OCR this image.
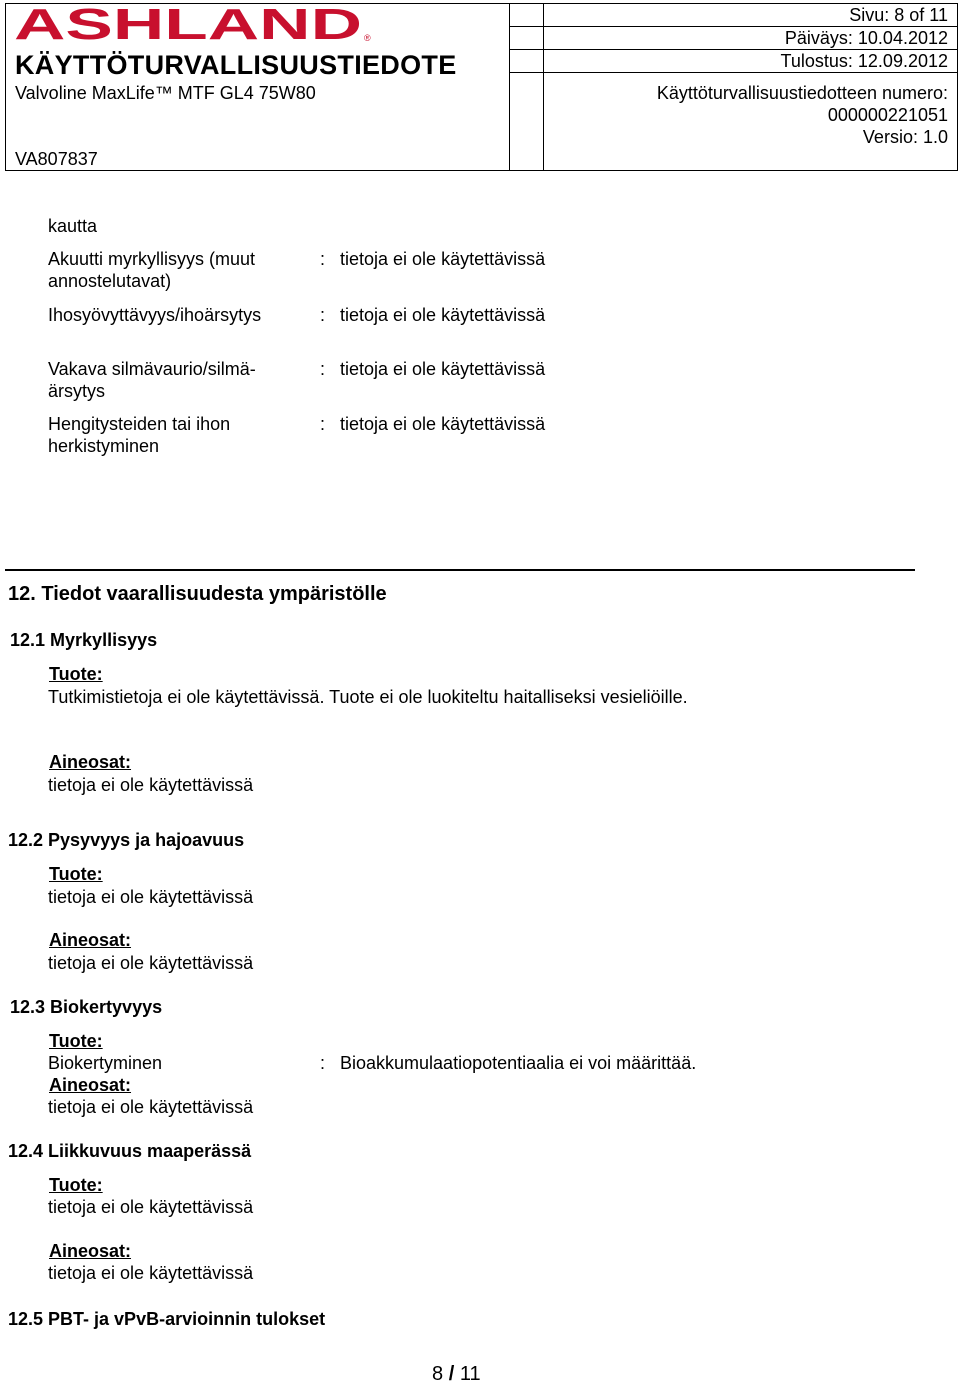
ASHLAND ®
KÄYTTÖTURVALLISUUSTIEDOTE
Valvoline MaxLife™ MTF GL4 75W80
VA807837
Sivu: 8 of 11
Päiväys: 10.04.2012
Tulostus: 12.09.2012
Käyttöturvallisuustiedotteen numero:
000000221051
Versio: 1.0
kautta
Akuutti myrkyllisyys (muut
annostelutavat)
: tietoja ei ole käytettävissä
Ihosyövyttävyys/ihoärsytys	: tietoja ei ole käytettävissä
Vakava silmävaurio/silmä-
ärsytys
: tietoja ei ole käytettävissä
Hengitysteiden tai ihon
herkistyminen
: tietoja ei ole käytettävissä
12. Tiedot vaarallisuudesta ympäristölle
12.1 Myrkyllisyys
Tuote:
Tutkimistietoja ei ole käytettävissä. Tuote ei ole luokiteltu haitalliseksi vesieliöille.
Aineosat:
tietoja ei ole käytettävissä
12.2 Pysyvyys ja hajoavuus
Tuote:
tietoja ei ole käytettävissä
Aineosat:
tietoja ei ole käytettävissä
12.3 Biokertyvyys
Tuote:
Biokertyminen	: Bioakkumulaatiopotentiaalia ei voi määrittää.
Aineosat:
tietoja ei ole käytettävissä
12.4 Liikkuvuus maaperässä
Tuote:
tietoja ei ole käytettävissä
Aineosat:
tietoja ei ole käytettävissä
12.5 PBT- ja vPvB-arvioinnin tulokset
8 / 11
